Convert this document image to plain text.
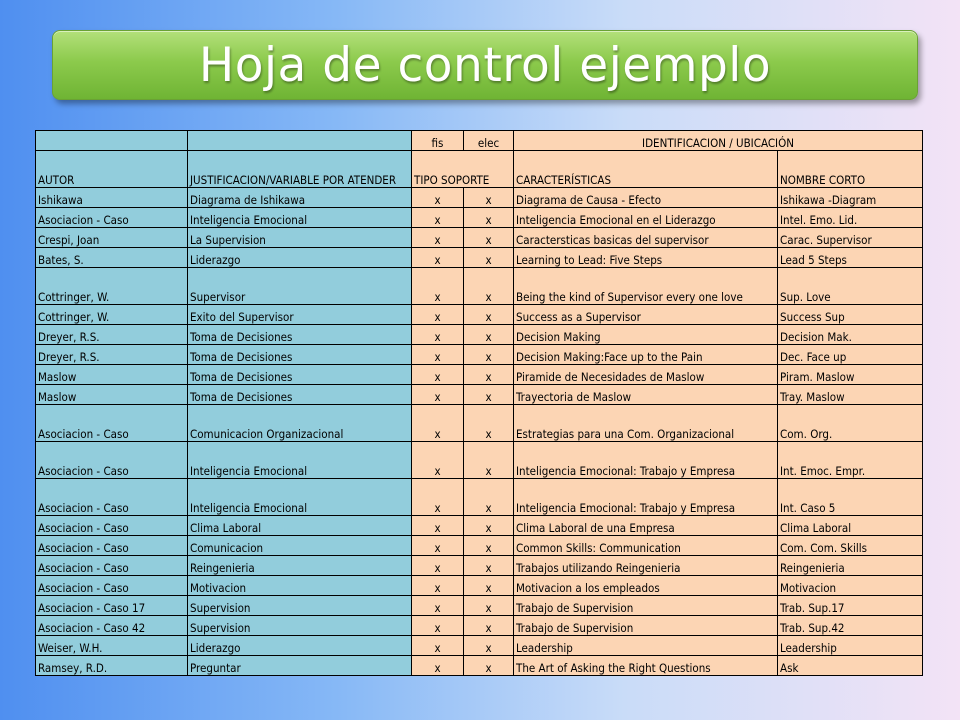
Hoja de control ejemplo
		fis	elec	IDENTIFICACION / UBICACIÓN	
AUTOR	JUSTIFICACION/VARIABLE POR ATENDER	TIPO SOPORTE		CARACTERÍSTICAS	NOMBRE CORTO
Ishikawa	Diagrama de Ishikawa	x	x	Diagrama de Causa - Efecto	Ishikawa -Diagram
Asociacion - Caso	Inteligencia Emocional	x	x	Inteligencia Emocional en el Liderazgo	Intel. Emo. Lid.
Crespi, Joan	La Supervision	x	x	Caractersticas basicas del supervisor	Carac. Supervisor
Bates, S.	Liderazgo	x	x	Learning to Lead: Five Steps	Lead 5 Steps
Cottringer, W.	Supervisor	x	x	Being the kind of Supervisor every one love	Sup. Love
Cottringer, W.	Exito del Supervisor	x	x	Success as a Supervisor	Success Sup
Dreyer, R.S.	Toma de Decisiones	x	x	Decision Making	Decision Mak.
Dreyer, R.S.	Toma de Decisiones	x	x	Decision Making:Face up to the Pain	Dec. Face up
Maslow	Toma de Decisiones	x	x	Piramide de Necesidades de Maslow	Piram. Maslow
Maslow	Toma de Decisiones	x	x	Trayectoria de Maslow	Tray. Maslow
Asociacion - Caso	Comunicacion Organizacional	x	x	Estrategias para una Com. Organizacional	Com. Org.
Asociacion - Caso	Inteligencia Emocional	x	x	Inteligencia Emocional: Trabajo y Empresa	Int. Emoc. Empr.
Asociacion - Caso	Inteligencia Emocional	x	x	Inteligencia Emocional: Trabajo y Empresa	Int. Caso 5
Asociacion - Caso	Clima Laboral	x	x	Clima Laboral de una Empresa	Clima Laboral
Asociacion - Caso	Comunicacion	x	x	Common Skills: Communication	Com. Com. Skills
Asociacion - Caso	Reingenieria	x	x	Trabajos utilizando Reingenieria	Reingenieria
Asociacion - Caso	Motivacion	x	x	Motivacion a los empleados	Motivacion
Asociacion - Caso 17	Supervision	x	x	Trabajo de Supervision	Trab. Sup.17
Asociacion - Caso 42	Supervision	x	x	Trabajo de Supervision	Trab. Sup.42
Weiser, W.H.	Liderazgo	x	x	Leadership	Leadership
Ramsey, R.D.	Preguntar	x	x	The Art of Asking the Right Questions	Ask
